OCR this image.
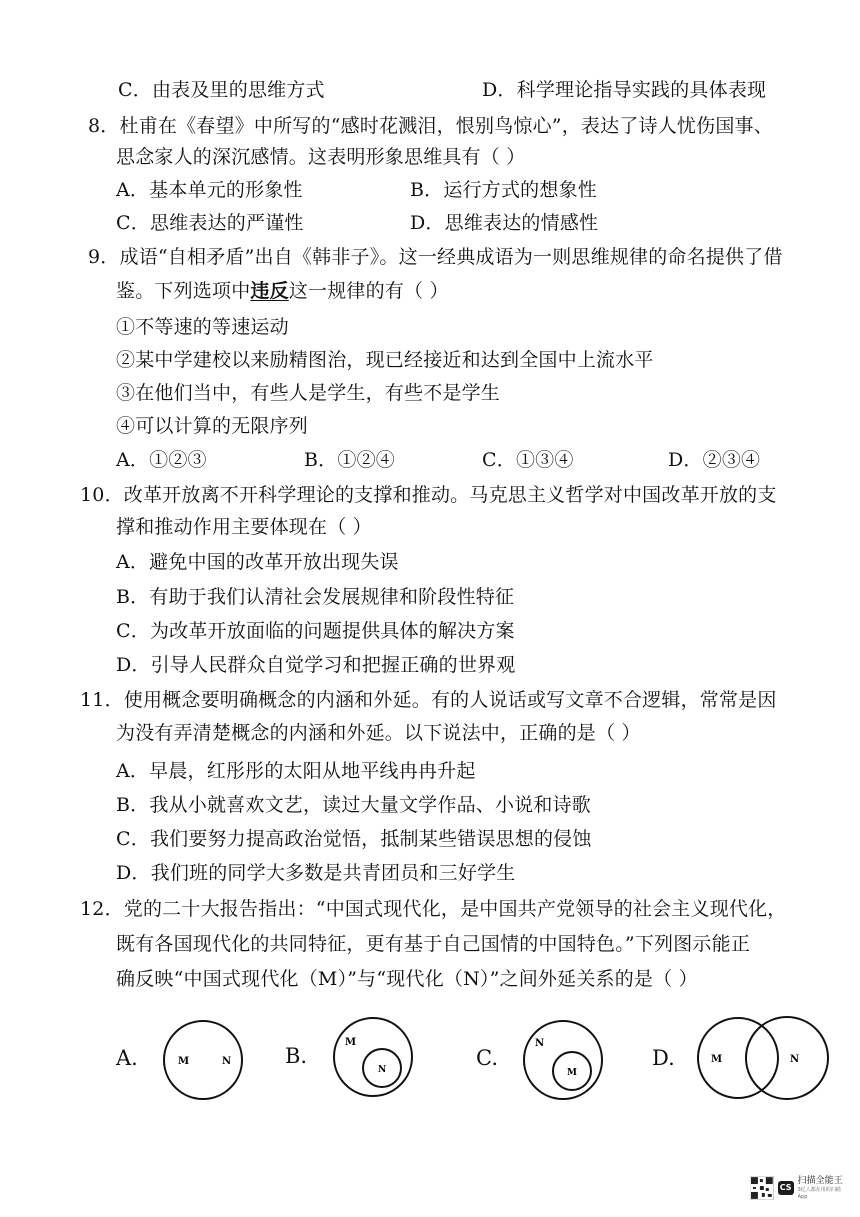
C．由表及里的思维方式	D．科学理论指导实践的具体表现
8．杜甫在《春望》中所写的“感时花溅泪，恨别鸟惊心”，表达了诗人忧伤国事、
思念家人的深沉感情。这表明形象思维具有（ ）
A．基本单元的形象性	B．运行方式的想象性
C．思维表达的严谨性	D．思维表达的情感性
9．成语“自相矛盾”出自《韩非子》。这一经典成语为一则思维规律的命名提供了借
鉴。下列选项中违反这一规律的有（ ）
①不等速的等速运动
②某中学建校以来励精图治，现已经接近和达到全国中上流水平
③在他们当中，有些人是学生，有些不是学生
④可以计算的无限序列
A．①②③	B．①②④	C．①③④	D．②③④
10．改革开放离不开科学理论的支撑和推动。马克思主义哲学对中国改革开放的支
撑和推动作用主要体现在（ ）
A．避免中国的改革开放出现失误
B．有助于我们认清社会发展规律和阶段性特征
C．为改革开放面临的问题提供具体的解决方案
D．引导人民群众自觉学习和把握正确的世界观
11．使用概念要明确概念的内涵和外延。有的人说话或写文章不合逻辑，常常是因
为没有弄清楚概念的内涵和外延。以下说法中，正确的是（ ）
A．早晨，红彤彤的太阳从地平线冉冉升起
B．我从小就喜欢文艺，读过大量文学作品、小说和诗歌
C．我们要努力提高政治觉悟，抵制某些错误思想的侵蚀
D．我们班的同学大多数是共青团员和三好学生
12．党的二十大报告指出：“中国式现代化，是中国共产党领导的社会主义现代化，
既有各国现代化的共同特征，更有基于自己国情的中国特色。”下列图示能正
确反映“中国式现代化（M）”与“现代化（N）”之间外延关系的是（ ）
A.	M	N	B.
M
N	C.
N
M
D.	M	N
CS
扫描全能王
3亿人都在用的扫描App
